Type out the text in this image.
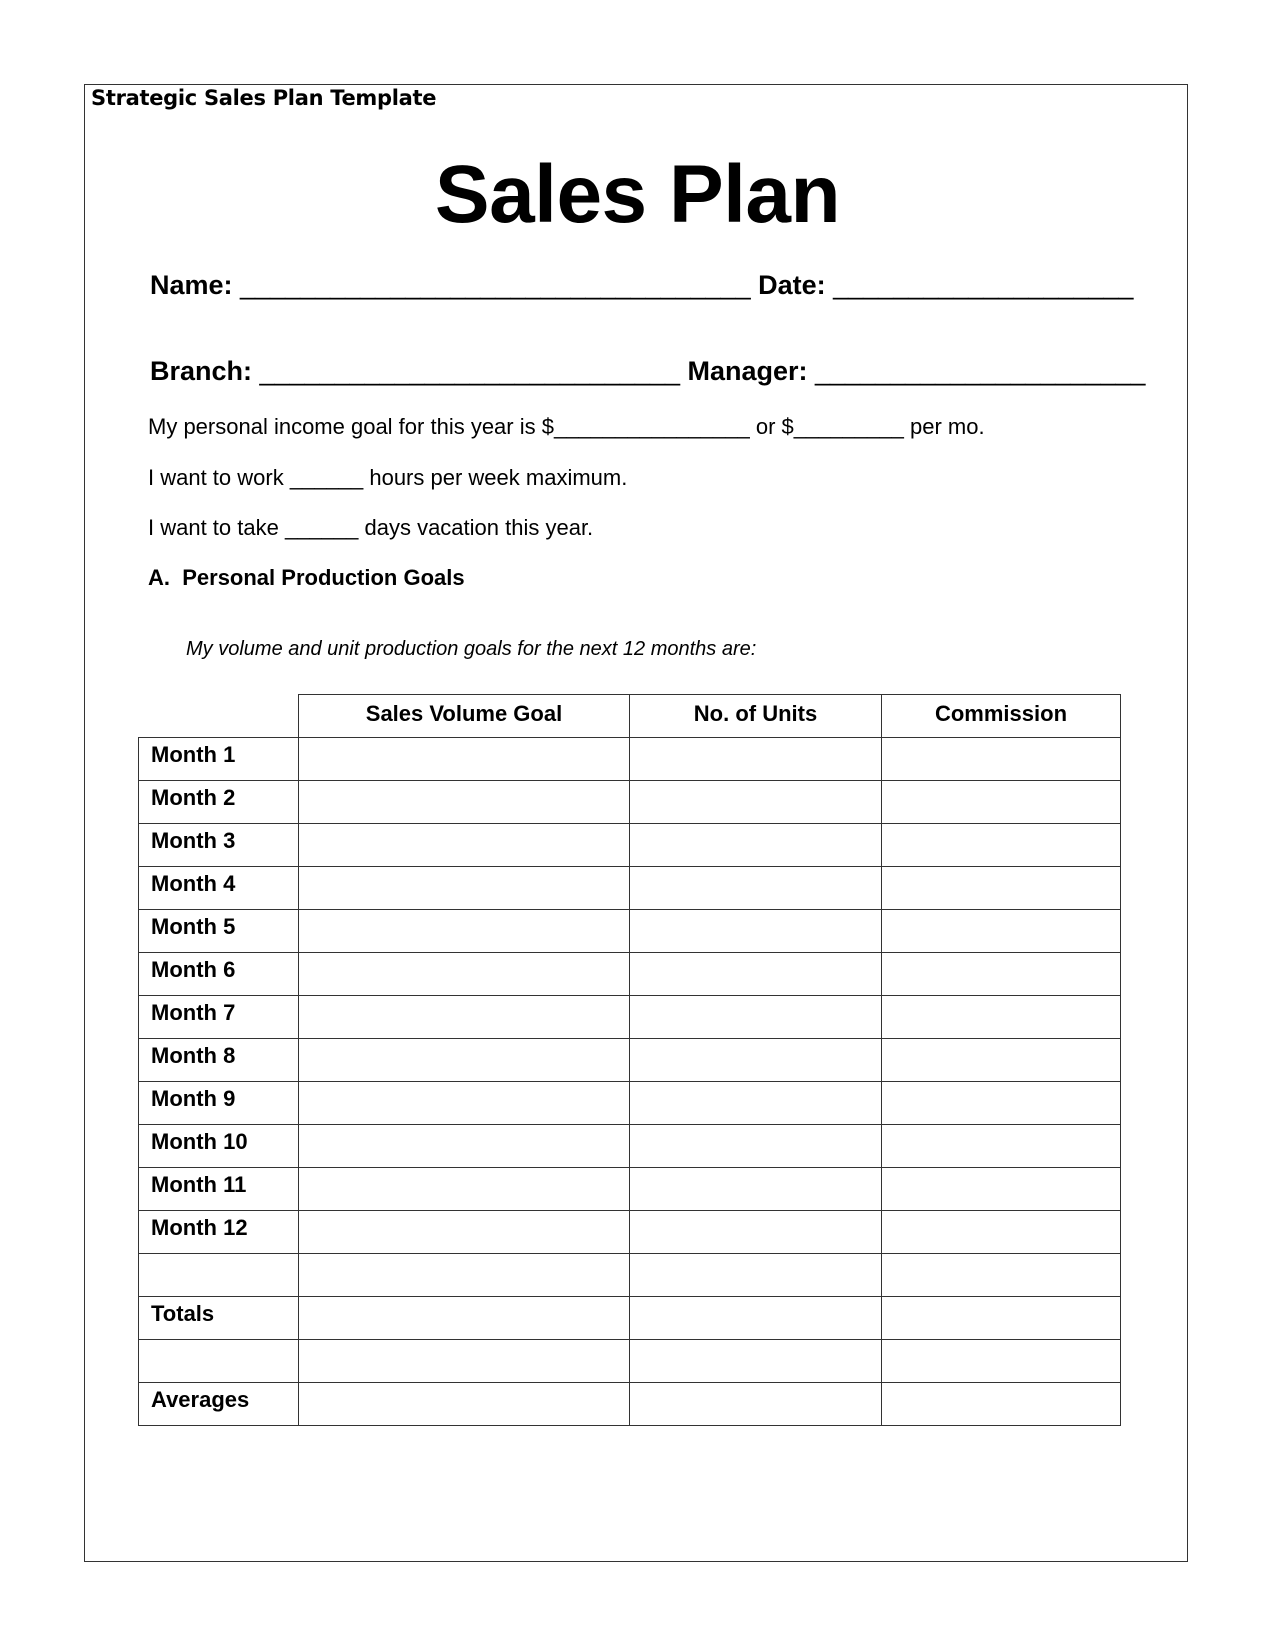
Strategic Sales Plan Template
Sales Plan
Name: __________________________________ Date: ____________________
Branch: ____________________________ Manager: ______________________
My personal income goal for this year is $________________ or $_________ per mo.
I want to work ______ hours per week maximum.
I want to take ______ days vacation this year.
A.  Personal Production Goals
My volume and unit production goals for the next 12 months are:
	Sales Volume Goal	No. of Units	Commission
Month 1			
Month 2			
Month 3			
Month 4			
Month 5			
Month 6			
Month 7			
Month 8			
Month 9			
Month 10			
Month 11			
Month 12			

Totals			

Averages			
